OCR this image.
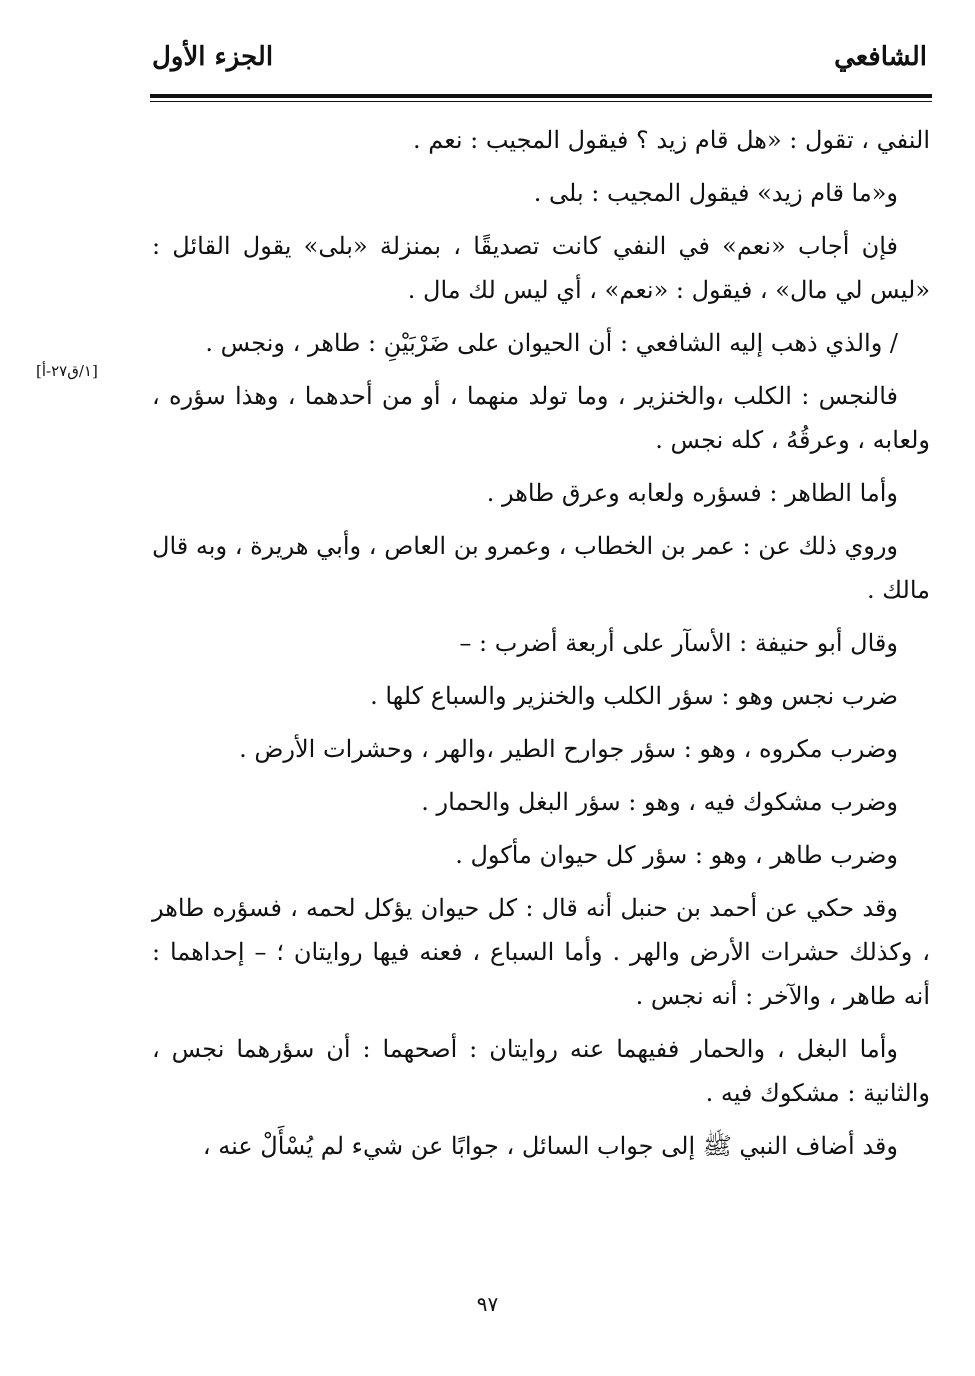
الشافعي
الجزء الأول
[١/ق٢٧-أ]

النفي ، تقول : «هل قام زيد ؟ فيقول المجيب : نعم .

و«ما قام زيد» فيقول المجيب : بلى .

فإن أجاب «نعم» في النفي كانت تصديقًا ، بمنزلة «بلى» يقول القائل : «ليس لي مال» ، فيقول : «نعم» ، أي ليس لك مال .

/ والذي ذهب إليه الشافعي : أن الحيوان على ضَرْبَيْنِ : طاهر ، ونجس .

فالنجس : الكلب ،والخنزير ، وما تولد منهما ، أو من أحدهما ، وهذا سؤره ، ولعابه ، وعرقُهُ ، كله نجس .

وأما الطاهر : فسؤره ولعابه وعرق طاهر .

وروي ذلك عن : عمر بن الخطاب ، وعمرو بن العاص ، وأبي هريرة ، وبه قال مالك .

وقال أبو حنيفة : الأسآر على أربعة أضرب : –

ضرب نجس وهو : سؤر الكلب والخنزير والسباع كلها .

وضرب مكروه ، وهو : سؤر جوارح الطير ،والهر ، وحشرات الأرض .

وضرب مشكوك فيه ، وهو : سؤر البغل والحمار .

وضرب طاهر ، وهو : سؤر كل حيوان مأكول .

وقد حكي عن أحمد بن حنبل أنه قال : كل حيوان يؤكل لحمه ، فسؤره طاهر ، وكذلك حشرات الأرض والهر . وأما السباع ، فعنه فيها روايتان ؛ – إحداهما : أنه طاهر ، والآخر : أنه نجس .

وأما البغل ، والحمار ففيهما عنه روايتان : أصحهما : أن سؤرهما نجس ، والثانية : مشكوك فيه .

وقد أضاف النبي ﷺ إلى جواب السائل ، جوابًا عن شيء لم يُسْأَلْ عنه ،

٩٧
